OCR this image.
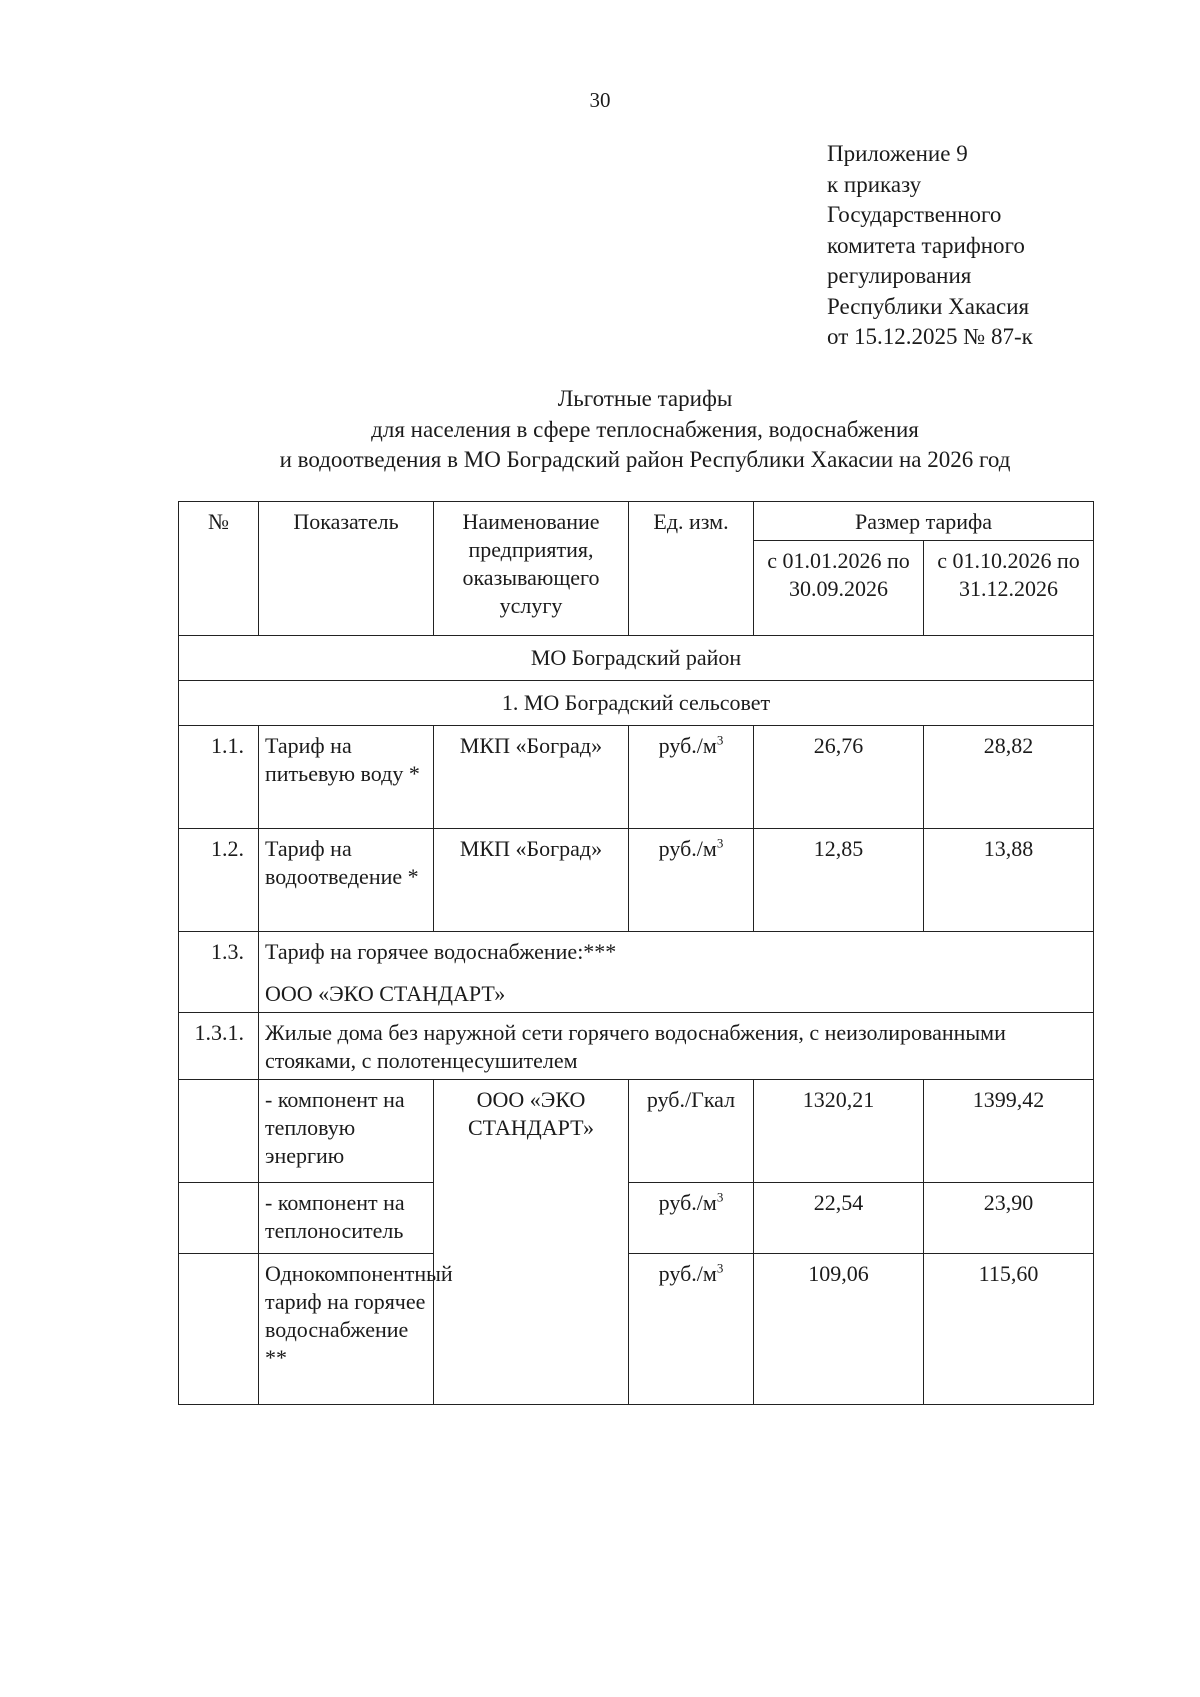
30
Приложение 9
к приказу
Государственного
комитета тарифного
регулирования
Республики Хакасия
от 15.12.2025 № 87-к
Льготные тарифы
для населения в сфере теплоснабжения, водоснабжения
и водоотведения в МО Боградский район Республики Хакасии на 2026 год
№	Показатель	Наименование предприятия, оказывающего услугу	Ед. изм.	Размер тарифа	
				с 01.01.2026 по 30.09.2026	с 01.10.2026 по 31.12.2026
МО Боградский район					
1. МО Боградский сельсовет					
1.1.	Тариф на питьевую воду *	МКП «Боград»	$руб./м^3$	26,76	28,82
1.2.	Тариф на водоотведение *	МКП «Боград»	$руб./м^3$	12,85	13,88
1.3.	Тариф на горячее водоснабжение:***
ООО «ЭКО СТАНДАРТ»				

1.3.1.	Жилые дома без наружной сети горячего водоснабжения, с неизолированными стояками, с полотенцесушителем				
	- компонент на тепловую энергию	ООО «ЭКО СТАНДАРТ»	руб./Гкал	1320,21	1399,42
	- компонент на теплоноситель		$руб./м^3$	22,54	23,90
	Однокомпонентный тариф на горячее водоснабжение **		$руб./м^3$	109,06	115,60
